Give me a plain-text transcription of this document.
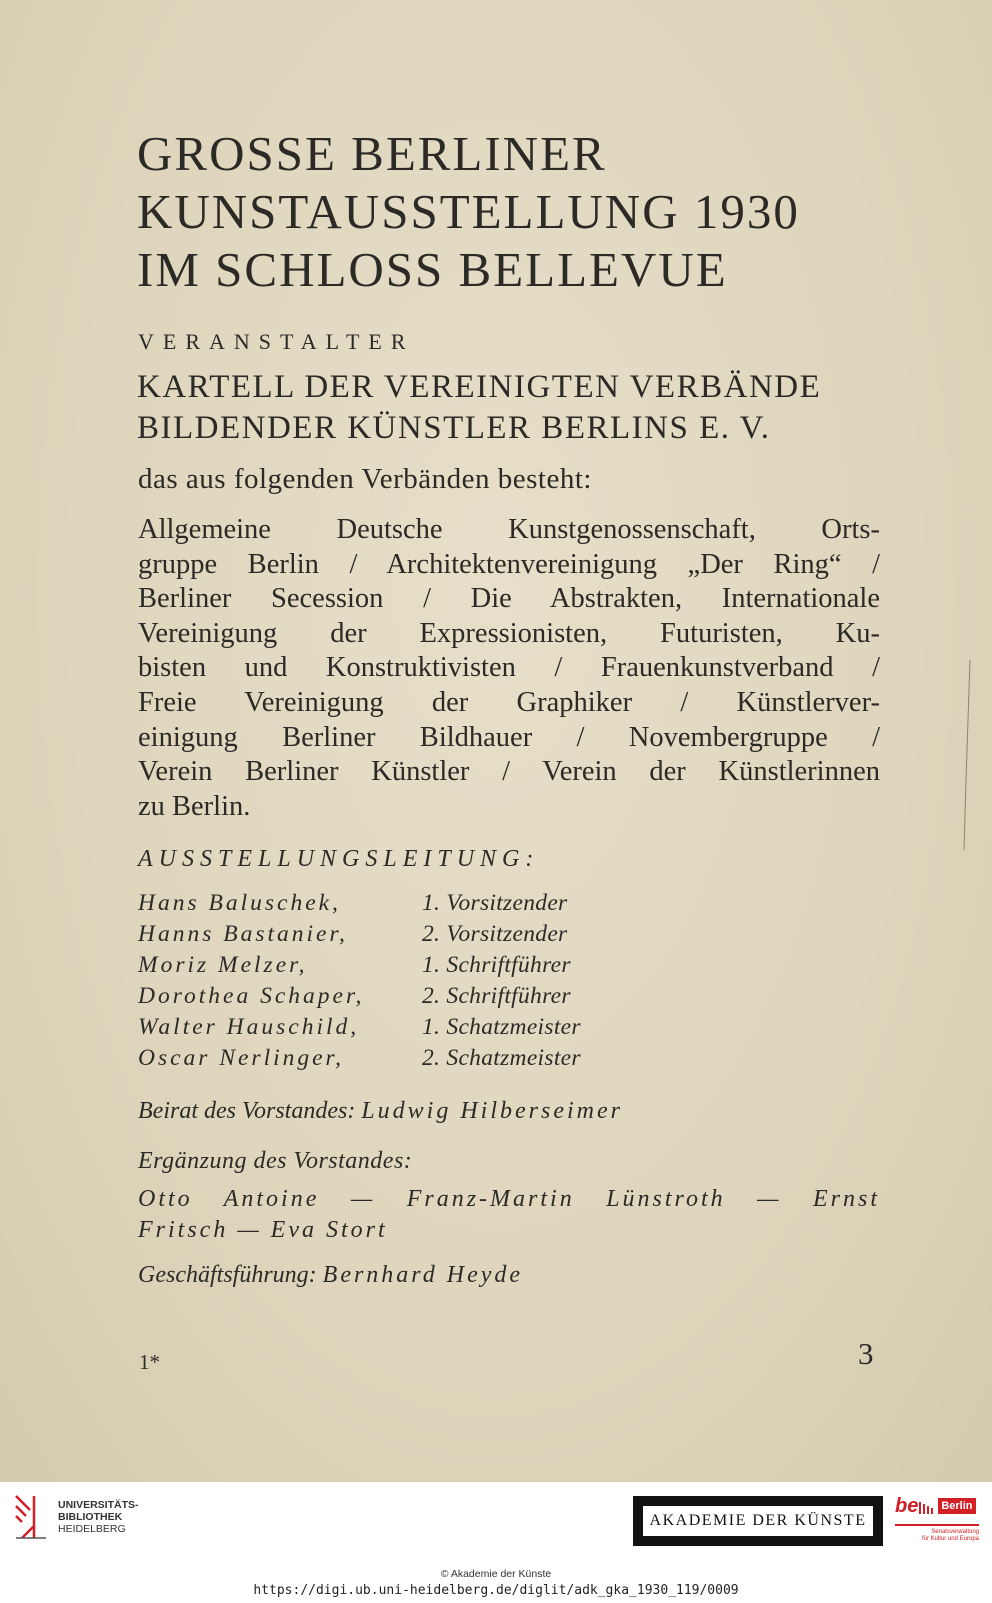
GROSSE BERLINER
KUNSTAUSSTELLUNG 1930
IM SCHLOSS BELLEVUE
VERANSTALTER
KARTELL DER VEREINIGTEN VERBÄNDE
BILDENDER KÜNSTLER BERLINS E. V.
das aus folgenden Verbänden besteht:
Allgemeine Deutsche Kunstgenossenschaft, Orts-
gruppe Berlin / Architektenvereinigung „Der Ring“ /
Berliner Secession / Die Abstrakten, Internationale
Vereinigung der Expressionisten, Futuristen, Ku-
bisten und Konstruktivisten / Frauenkunstverband /
Freie Vereinigung der Graphiker / Künstlerver-
einigung Berliner Bildhauer / Novembergruppe /
Verein Berliner Künstler / Verein der Künstlerinnen
zu Berlin.
AUSSTELLUNGSLEITUNG:
Hans Baluschek,	1. Vorsitzender
Hanns Bastanier,	2. Vorsitzender
Moriz Melzer,	1. Schriftführer
Dorothea Schaper, 2. Schriftführer
Walter Hauschild,	1. Schatzmeister
Oscar Nerlinger,	2. Schatzmeister
Beirat des Vorstandes: Ludwig Hilberseimer
Ergänzung des Vorstandes:
Otto Antoine — Franz-Martin Lünstroth — Ernst
Fritsch — Eva Stort
Geschäftsführung: Bernhard Heyde
1*	3
UNIVERSITÄTS-
BIBLIOTHEK
HEIDELBERG	AKADEMIE DER KÜNSTE
be Berlin
Senatsverwaltung
für Kultur und Europa
© Akademie der Künste
https://digi.ub.uni-heidelberg.de/diglit/adk_gka_1930_119/0009
